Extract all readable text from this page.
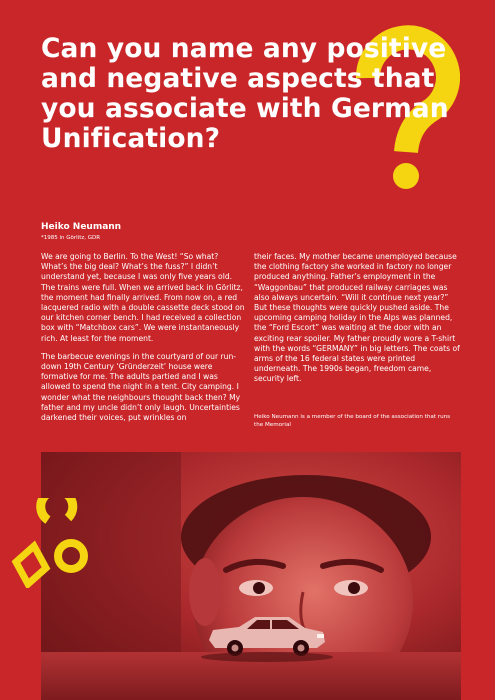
Can you name any positive and negative aspects that you associate with German Unification?
Heiko Neumann
*1985 in Görlitz, GDR

We are going to Berlin. To the West! “So what? What’s the big deal? What’s the fuss?” I didn’t understand yet, because I was only five years old. The trains were full. When we arrived back in Görlitz, the moment had finally arrived. From now on, a red lacquered radio with a double cassette deck stood on our kitchen corner bench. I had received a collection box with “Matchbox cars”. We were instantaneously rich. At least for the moment.

The barbecue evenings in the courtyard of our run-down 19th Century ‘Gründerzeit’ house were formative for me. The adults partied and I was allowed to spend the night in a tent. City camping. I wonder what the neighbours thought back then? My father and my uncle didn’t only laugh. Uncertainties darkened their voices, put wrinkles on

their faces. My mother became unemployed because the clothing factory she worked in factory no longer produced anything. Father’s employment in the “Waggonbau” that produced railway carriages was also always uncertain. “Will it continue next year?” But these thoughts were quickly pushed aside. The upcoming camping holiday in the Alps was planned, the “Ford Escort” was waiting at the door with an exciting rear spoiler. My father proudly wore a T-shirt with the words “GERMANY” in big letters. The coats of arms of the 16 federal states were printed underneath. The 1990s began, freedom came, security left.

Heiko Neumann is a member of the board of the association that runs the Memorial
